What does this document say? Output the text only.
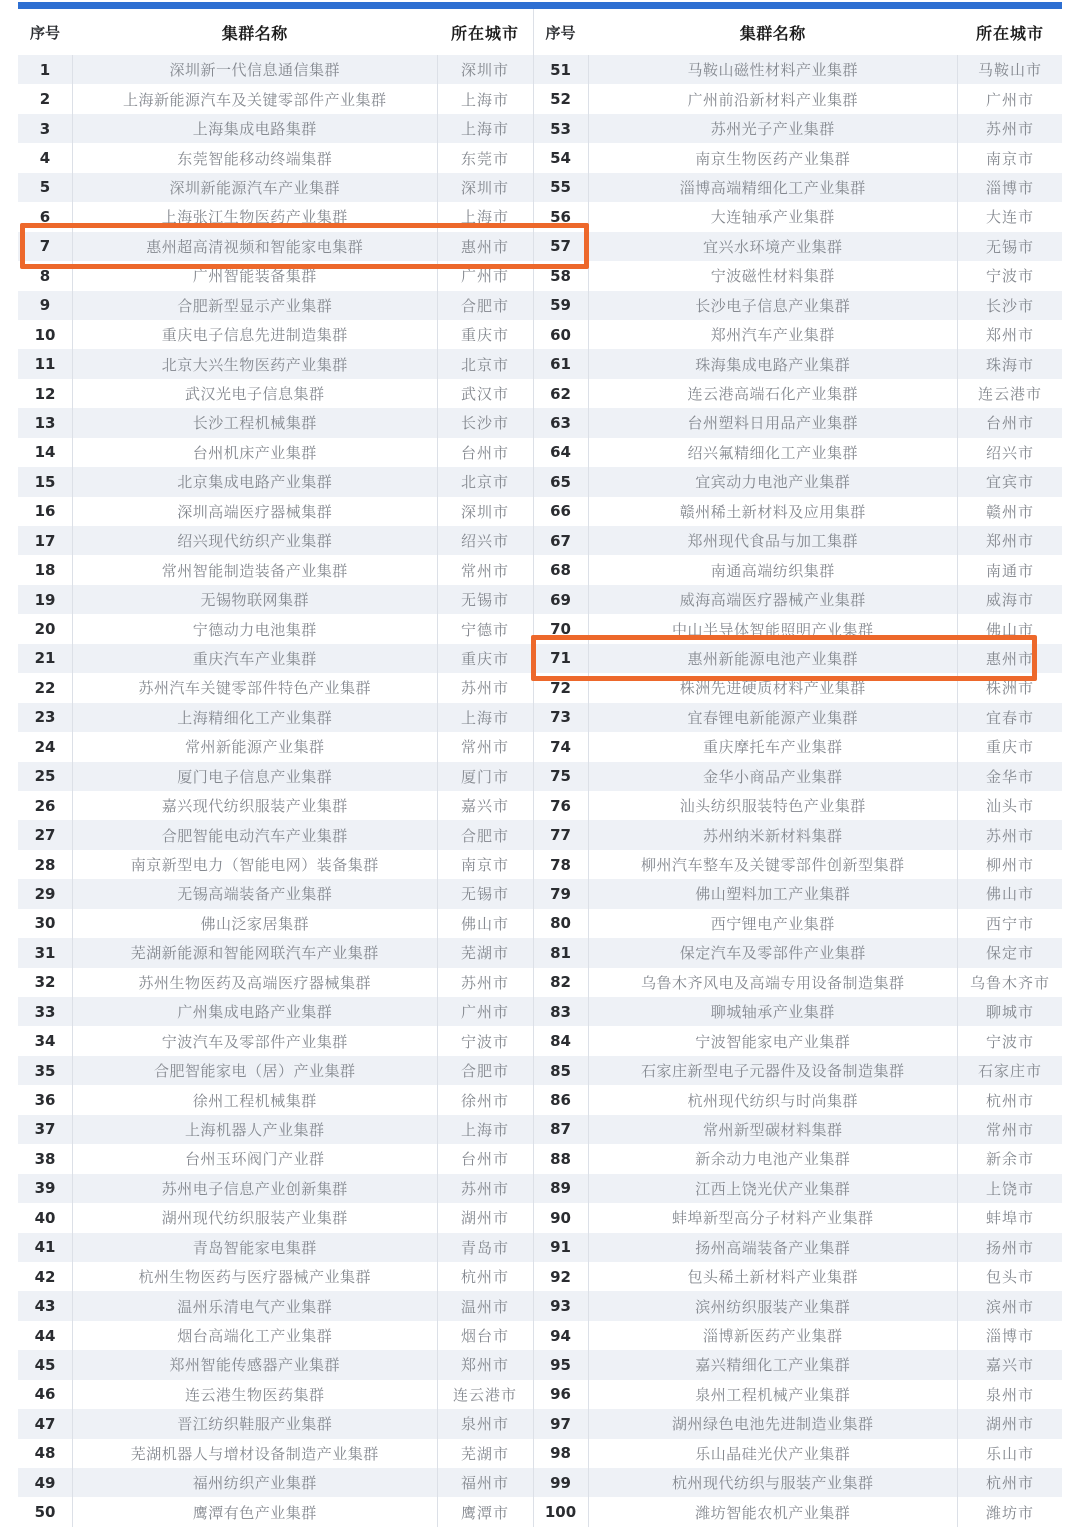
序号	集群名称	所在城市
1	深圳新一代信息通信集群	深圳市
2	上海新能源汽车及关键零部件产业集群	上海市
3	上海集成电路集群	上海市
4	东莞智能移动终端集群	东莞市
5	深圳新能源汽车产业集群	深圳市
6	上海张江生物医药产业集群	上海市
7	惠州超高清视频和智能家电集群	惠州市
8	广州智能装备集群	广州市
9	合肥新型显示产业集群	合肥市
10	重庆电子信息先进制造集群	重庆市
11	北京大兴生物医药产业集群	北京市
12	武汉光电子信息集群	武汉市
13	长沙工程机械集群	长沙市
14	台州机床产业集群	台州市
15	北京集成电路产业集群	北京市
16	深圳高端医疗器械集群	深圳市
17	绍兴现代纺织产业集群	绍兴市
18	常州智能制造装备产业集群	常州市
19	无锡物联网集群	无锡市
20	宁德动力电池集群	宁德市
21	重庆汽车产业集群	重庆市
22	苏州汽车关键零部件特色产业集群	苏州市
23	上海精细化工产业集群	上海市
24	常州新能源产业集群	常州市
25	厦门电子信息产业集群	厦门市
26	嘉兴现代纺织服装产业集群	嘉兴市
27	合肥智能电动汽车产业集群	合肥市
28	南京新型电力（智能电网）装备集群	南京市
29	无锡高端装备产业集群	无锡市
30	佛山泛家居集群	佛山市
31	芜湖新能源和智能网联汽车产业集群	芜湖市
32	苏州生物医药及高端医疗器械集群	苏州市
33	广州集成电路产业集群	广州市
34	宁波汽车及零部件产业集群	宁波市
35	合肥智能家电（居）产业集群	合肥市
36	徐州工程机械集群	徐州市
37	上海机器人产业集群	上海市
38	台州玉环阀门产业群	台州市
39	苏州电子信息产业创新集群	苏州市
40	湖州现代纺织服装产业集群	湖州市
41	青岛智能家电集群	青岛市
42	杭州生物医药与医疗器械产业集群	杭州市
43	温州乐清电气产业集群	温州市
44	烟台高端化工产业集群	烟台市
45	郑州智能传感器产业集群	郑州市
46	连云港生物医药集群	连云港市
47	晋江纺织鞋服产业集群	泉州市
48	芜湖机器人与增材设备制造产业集群	芜湖市
49	福州纺织产业集群	福州市
50	鹰潭有色产业集群	鹰潭市
序号	集群名称	所在城市
51	马鞍山磁性材料产业集群	马鞍山市
52	广州前沿新材料产业集群	广州市
53	苏州光子产业集群	苏州市
54	南京生物医药产业集群	南京市
55	淄博高端精细化工产业集群	淄博市
56	大连轴承产业集群	大连市
57	宜兴水环境产业集群	无锡市
58	宁波磁性材料集群	宁波市
59	长沙电子信息产业集群	长沙市
60	郑州汽车产业集群	郑州市
61	珠海集成电路产业集群	珠海市
62	连云港高端石化产业集群	连云港市
63	台州塑料日用品产业集群	台州市
64	绍兴氟精细化工产业集群	绍兴市
65	宜宾动力电池产业集群	宜宾市
66	赣州稀土新材料及应用集群	赣州市
67	郑州现代食品与加工集群	郑州市
68	南通高端纺织集群	南通市
69	威海高端医疗器械产业集群	威海市
70	中山半导体智能照明产业集群	佛山市
71	惠州新能源电池产业集群	惠州市
72	株洲先进硬质材料产业集群	株洲市
73	宜春锂电新能源产业集群	宜春市
74	重庆摩托车产业集群	重庆市
75	金华小商品产业集群	金华市
76	汕头纺织服装特色产业集群	汕头市
77	苏州纳米新材料集群	苏州市
78	柳州汽车整车及关键零部件创新型集群	柳州市
79	佛山塑料加工产业集群	佛山市
80	西宁锂电产业集群	西宁市
81	保定汽车及零部件产业集群	保定市
82	乌鲁木齐风电及高端专用设备制造集群	乌鲁木齐市
83	聊城轴承产业集群	聊城市
84	宁波智能家电产业集群	宁波市
85	石家庄新型电子元器件及设备制造集群	石家庄市
86	杭州现代纺织与时尚集群	杭州市
87	常州新型碳材料集群	常州市
88	新余动力电池产业集群	新余市
89	江西上饶光伏产业集群	上饶市
90	蚌埠新型高分子材料产业集群	蚌埠市
91	扬州高端装备产业集群	扬州市
92	包头稀土新材料产业集群	包头市
93	滨州纺织服装产业集群	滨州市
94	淄博新医药产业集群	淄博市
95	嘉兴精细化工产业集群	嘉兴市
96	泉州工程机械产业集群	泉州市
97	湖州绿色电池先进制造业集群	湖州市
98	乐山晶硅光伏产业集群	乐山市
99	杭州现代纺织与服装产业集群	杭州市
100	潍坊智能农机产业集群	潍坊市
